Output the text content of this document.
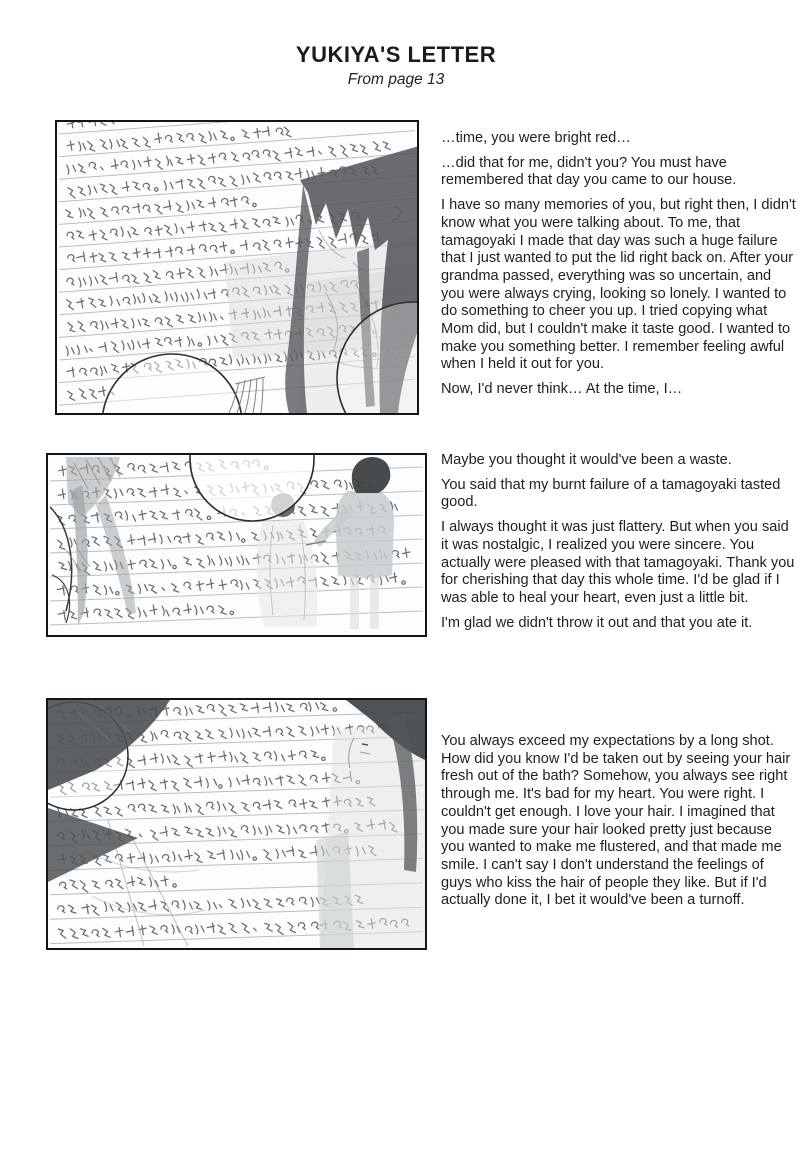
YUKIYA'S LETTER
From page 13

…time, you were bright red…

…did that for me, didn't you? You must have remembered that day you came to our house.

I have so many memories of you, but right then, I didn't know what you were talking about. To me, that tamagoyaki I made that day was such a huge failure that I just wanted to put the lid right back on. After your grandma passed, everything was so uncertain, and you were always crying, looking so lonely. I wanted to do something to cheer you up. I tried copying what Mom did, but I couldn't make it taste good. I wanted to make you something better. I remember feeling awful when I held it out for you.

Now, I'd never think… At the time, I…

Maybe you thought it would've been a waste.

You said that my burnt failure of a tamagoyaki tasted good.

I always thought it was just flattery. But when you said it was nostalgic, I realized you were sincere. You actually were pleased with that tamagoyaki. Thank you for cherishing that day this whole time. I'd be glad if I was able to heal your heart, even just a little bit.

I'm glad we didn't throw it out and that you ate it.

You always exceed my expectations by a long shot. How did you know I'd be taken out by seeing your hair fresh out of the bath? Somehow, you always see right through me. It's bad for my heart. You were right. I couldn't get enough. I love your hair. I imagined that you made sure your hair looked pretty just because you wanted to make me flustered, and that made me smile. I can't say I don't understand the feelings of guys who kiss the hair of people they like. But if I'd actually done it, I bet it would've been a turnoff.
